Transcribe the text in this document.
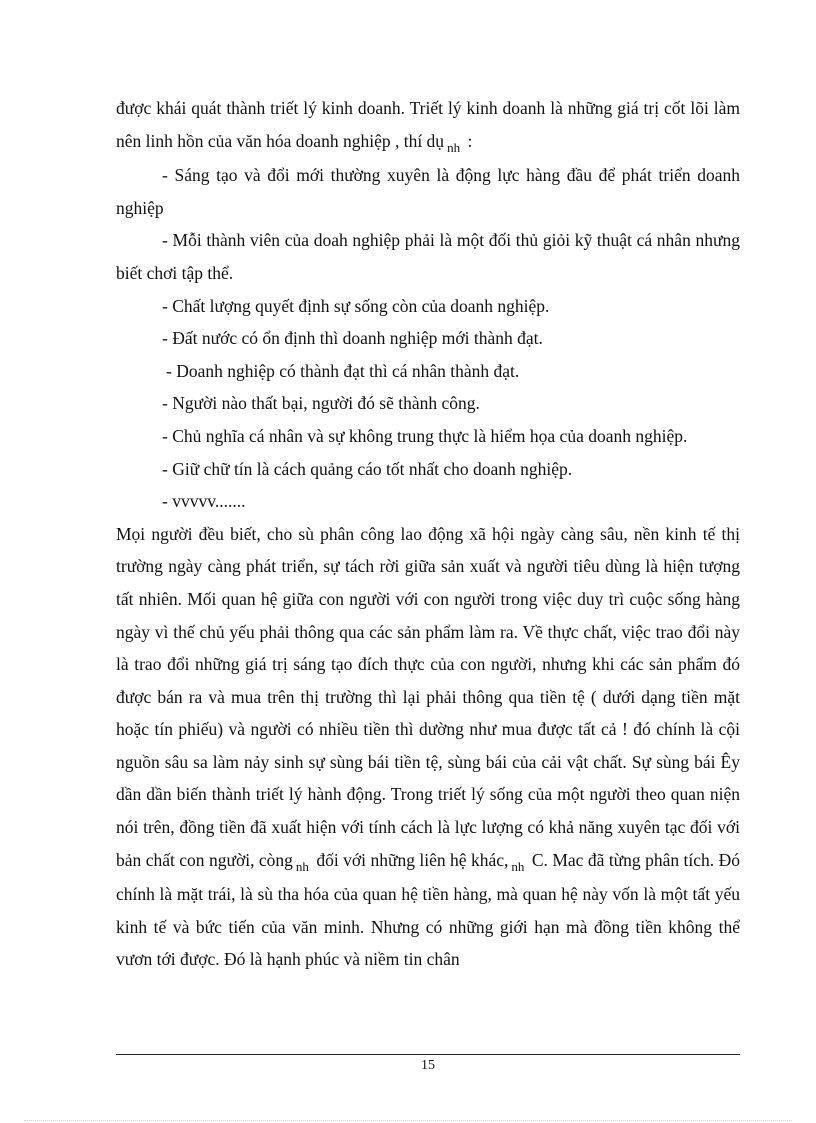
được khái quát thành triết lý kinh doanh. Triết lý kinh doanh là những giá trị cốt lõi làm nên linh hồn của văn hóa doanh nghiệp , thí dụ $_{nh}$ :

- Sáng tạo và đổi mới thường xuyên là động lực hàng đầu để phát triển doanh nghiệp

- Mỗi thành viên của doah nghiệp phải là một đối thủ giỏi kỹ thuật cá nhân nhưng biết chơi tập thể.

- Chất lượng quyết định sự sống còn của doanh nghiệp.

- Đất nước có ổn định thì doanh nghiệp mới thành đạt.

- Doanh nghiệp có thành đạt thì cá nhân thành đạt.

- Người nào thất bại, người đó sẽ thành công.

- Chủ nghĩa cá nhân và sự không trung thực là hiểm họa của doanh nghiệp.

- Giữ chữ tín là cách quảng cáo tốt nhất cho doanh nghiệp.

- vvvvv.......

Mọi người đều biết, cho sù phân công lao động xã hội ngày càng sâu, nền kinh tế thị trường ngày càng phát triển, sự tách rời giữa sản xuất và người tiêu dùng là hiện tượng tất nhiên. Mối quan hệ giữa con người với con người trong việc duy trì cuộc sống hàng ngày vì thế chủ yếu phải thông qua các sản phẩm làm ra. Về thực chất, việc trao đổi này là trao đổi những giá trị sáng tạo đích thực của con người, nhưng khi các sản phẩm đó được bán ra và mua trên thị trường thì lại phải thông qua tiền tệ ( dưới dạng tiền mặt hoặc tín phiếu) và người có nhiều tiền thì dường như mua được tất cả ! đó chính là cội nguồn sâu sa làm nảy sinh sự sùng bái tiền tệ, sùng bái của cải vật chất. Sự sùng bái Êy dần dần biến thành triết lý hành động. Trong triết lý sống của một người theo quan niện nói trên, đồng tiền đã xuất hiện với tính cách là lực lượng có khả năng xuyên tạc đối với bản chất con người, còng $_{nh}$ đối với những liên hệ khác, $_{nh}$ C. Mac đã từng phân tích. Đó chính là mặt trái, là sù tha hóa của quan hệ tiền hàng, mà quan hệ này vốn là một tất yếu kinh tế và bức tiến của văn minh. Nhưng có những giới hạn mà đồng tiền không thể vươn tới được. Đó là hạnh phúc và niềm tin chân

15
